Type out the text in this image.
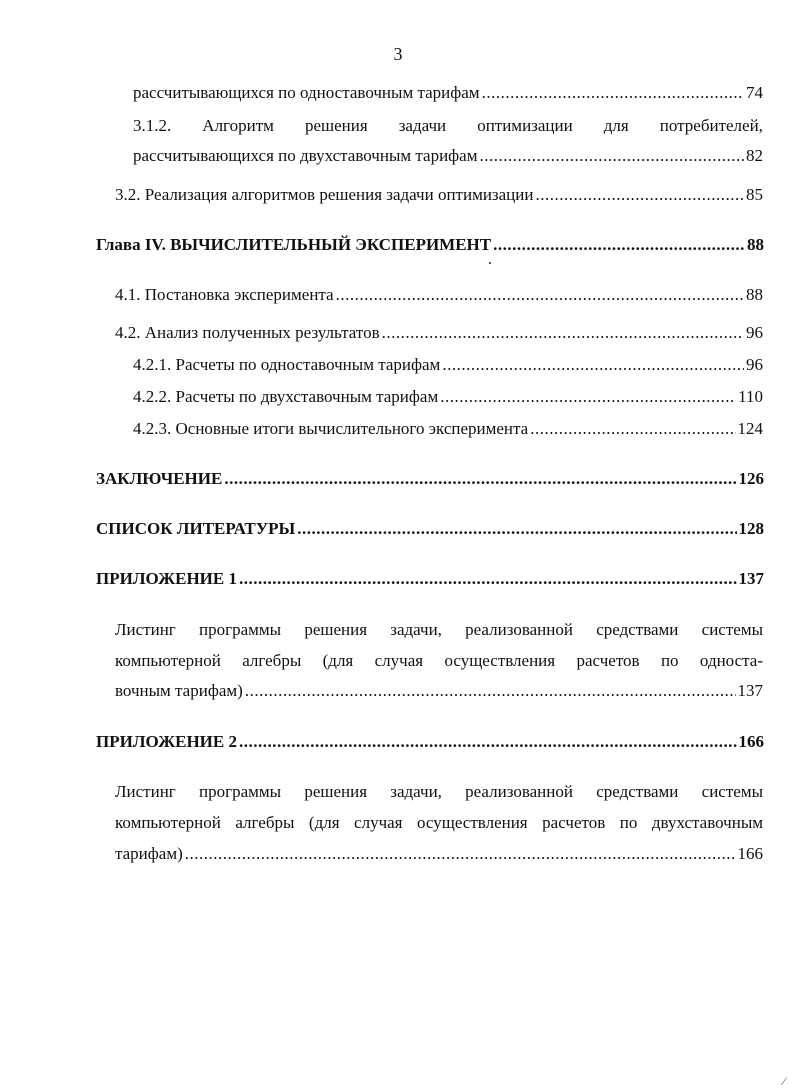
3
рассчитывающихся по одноставочным тарифам .....	74
3.1.2. Алгоритм решения задачи оптимизации для потребителей,
рассчитывающихся по двухставочным тарифам .....	82
3.2. Реализация алгоритмов решения задачи оптимизации .....	85
Глава IV. ВЫЧИСЛИТЕЛЬНЫЙ ЭКСПЕРИМЕНТ .....	88
4.1. Постановка эксперимента .....	88
4.2. Анализ полученных результатов .....	96
4.2.1. Расчеты по одноставочным тарифам .....	96
4.2.2. Расчеты по двухставочным тарифам .....	110
4.2.3. Основные итоги вычислительного эксперимента .....	124
ЗАКЛЮЧЕНИЕ .....	126
СПИСОК ЛИТЕРАТУРЫ .....	128
ПРИЛОЖЕНИЕ 1 .....	137
Листинг программы решения задачи, реализованной средствами системы
компьютерной алгебры (для случая осуществления расчетов по односта-
вочным тарифам) .....	137
ПРИЛОЖЕНИЕ 2 .....	166
Листинг программы решения задачи, реализованной средствами системы
компьютерной алгебры (для случая осуществления расчетов по двухставочным
тарифам) .....	166
⁄
